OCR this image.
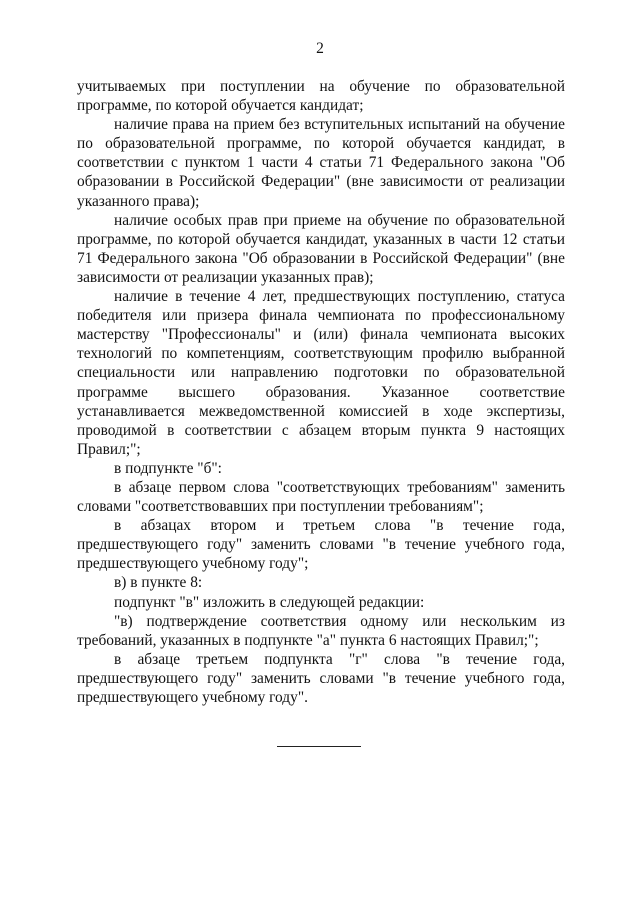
2

учитываемых при поступлении на обучение по образовательной программе, по которой обучается кандидат;

наличие права на прием без вступительных испытаний на обучение по образовательной программе, по которой обучается кандидат, в соответствии с пунктом 1 части 4 статьи 71 Федерального закона "Об образовании в Российской Федерации" (вне зависимости от реализации указанного права);

наличие особых прав при приеме на обучение по образовательной программе, по которой обучается кандидат, указанных в части 12 статьи 71 Федерального закона "Об образовании в Российской Федерации" (вне зависимости от реализации указанных прав);

наличие в течение 4 лет, предшествующих поступлению, статуса победителя или призера финала чемпионата по профессиональному мастерству "Профессионалы" и (или) финала чемпионата высоких технологий по компетенциям, соответствующим профилю выбранной специальности или направлению подготовки по образовательной программе высшего образования. Указанное соответствие устанавливается межведомственной комиссией в ходе экспертизы, проводимой в соответствии с абзацем вторым пункта 9 настоящих Правил;";

в подпункте "б":

в абзаце первом слова "соответствующих требованиям" заменить словами "соответствовавших при поступлении требованиям";

в абзацах втором и третьем слова "в течение года, предшествующего году" заменить словами "в течение учебного года, предшествующего учебному году";

в) в пункте 8:

подпункт "в" изложить в следующей редакции:

"в) подтверждение соответствия одному или нескольким из требований, указанных в подпункте "а" пункта 6 настоящих Правил;";

в абзаце третьем подпункта "г" слова "в течение года, предшествующего году" заменить словами "в течение учебного года, предшествующего учебному году".
